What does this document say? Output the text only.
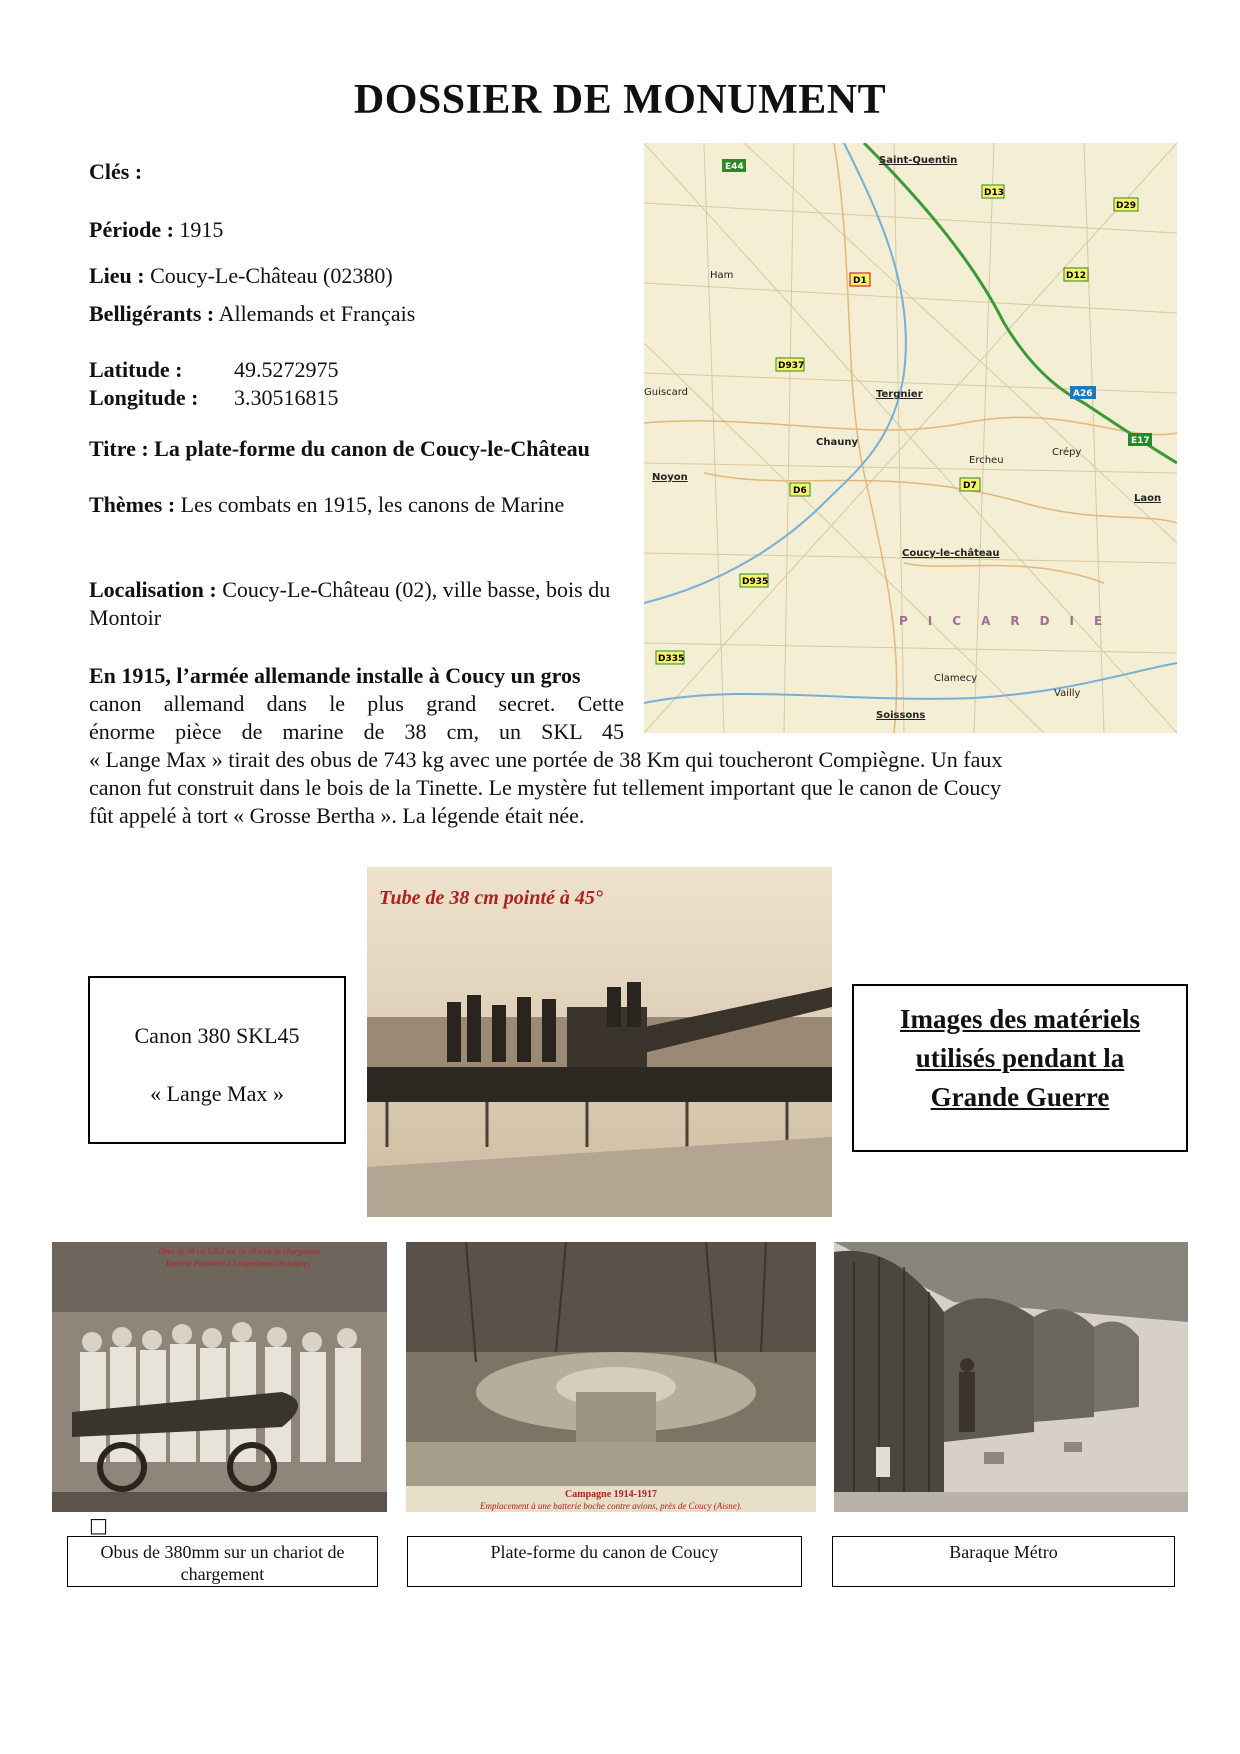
DOSSIER DE MONUMENT
Clés :
Période : 1915
Lieu : Coucy-Le-Château (02380)
Belligérants : Allemands et Français
Latitude : 49.5272975
Longitude : 3.30516815
Titre : La plate-forme du canon de Coucy-le-Château
Thèmes : Les combats en 1915, les canons de Marine
Localisation : Coucy-Le-Château (02), ville basse, bois du Montoir
En 1915, l’armée allemande installe à Coucy un gros
canon allemand dans le plus grand secret. Cette
énorme pièce de marine de 38 cm, un SKL 45
« Lange Max » tirait des obus de 743 kg avec une portée de 38 Km qui toucheront Compiègne. Un faux
canon fut construit dans le bois de la Tinette. Le mystère fut tellement important que le canon de Coucy
fût appelé à tort « Grosse Bertha ». La légende était née.
PICARDIE
Saint-Quentin
Ham
Chauny
Tergnier
Noyon
Laon
Coucy-le-château
Soissons
Guiscard
Crépy
Vailly
Ercheu
Clamecy
D1
D13
D29
D12
D937
D6	D7
D935
D335
A26
E17
E44
Canon 380 SKL45
« Lange Max »
Tube de 38 cm pointé à 45°
Images des matériels utilisés pendant la Grande Guerre
Obus de 38 cm L/5,5 sur un chariot de chargement
Batterie Pommern à Leugenboom (Belgique)
Campagne 1914-1917
Emplacement à une batterie boche contre avions, près de Coucy (Aisne).
□
Obus de 380mm sur un chariot de chargement
Plate-forme du canon de Coucy	Baraque Métro
